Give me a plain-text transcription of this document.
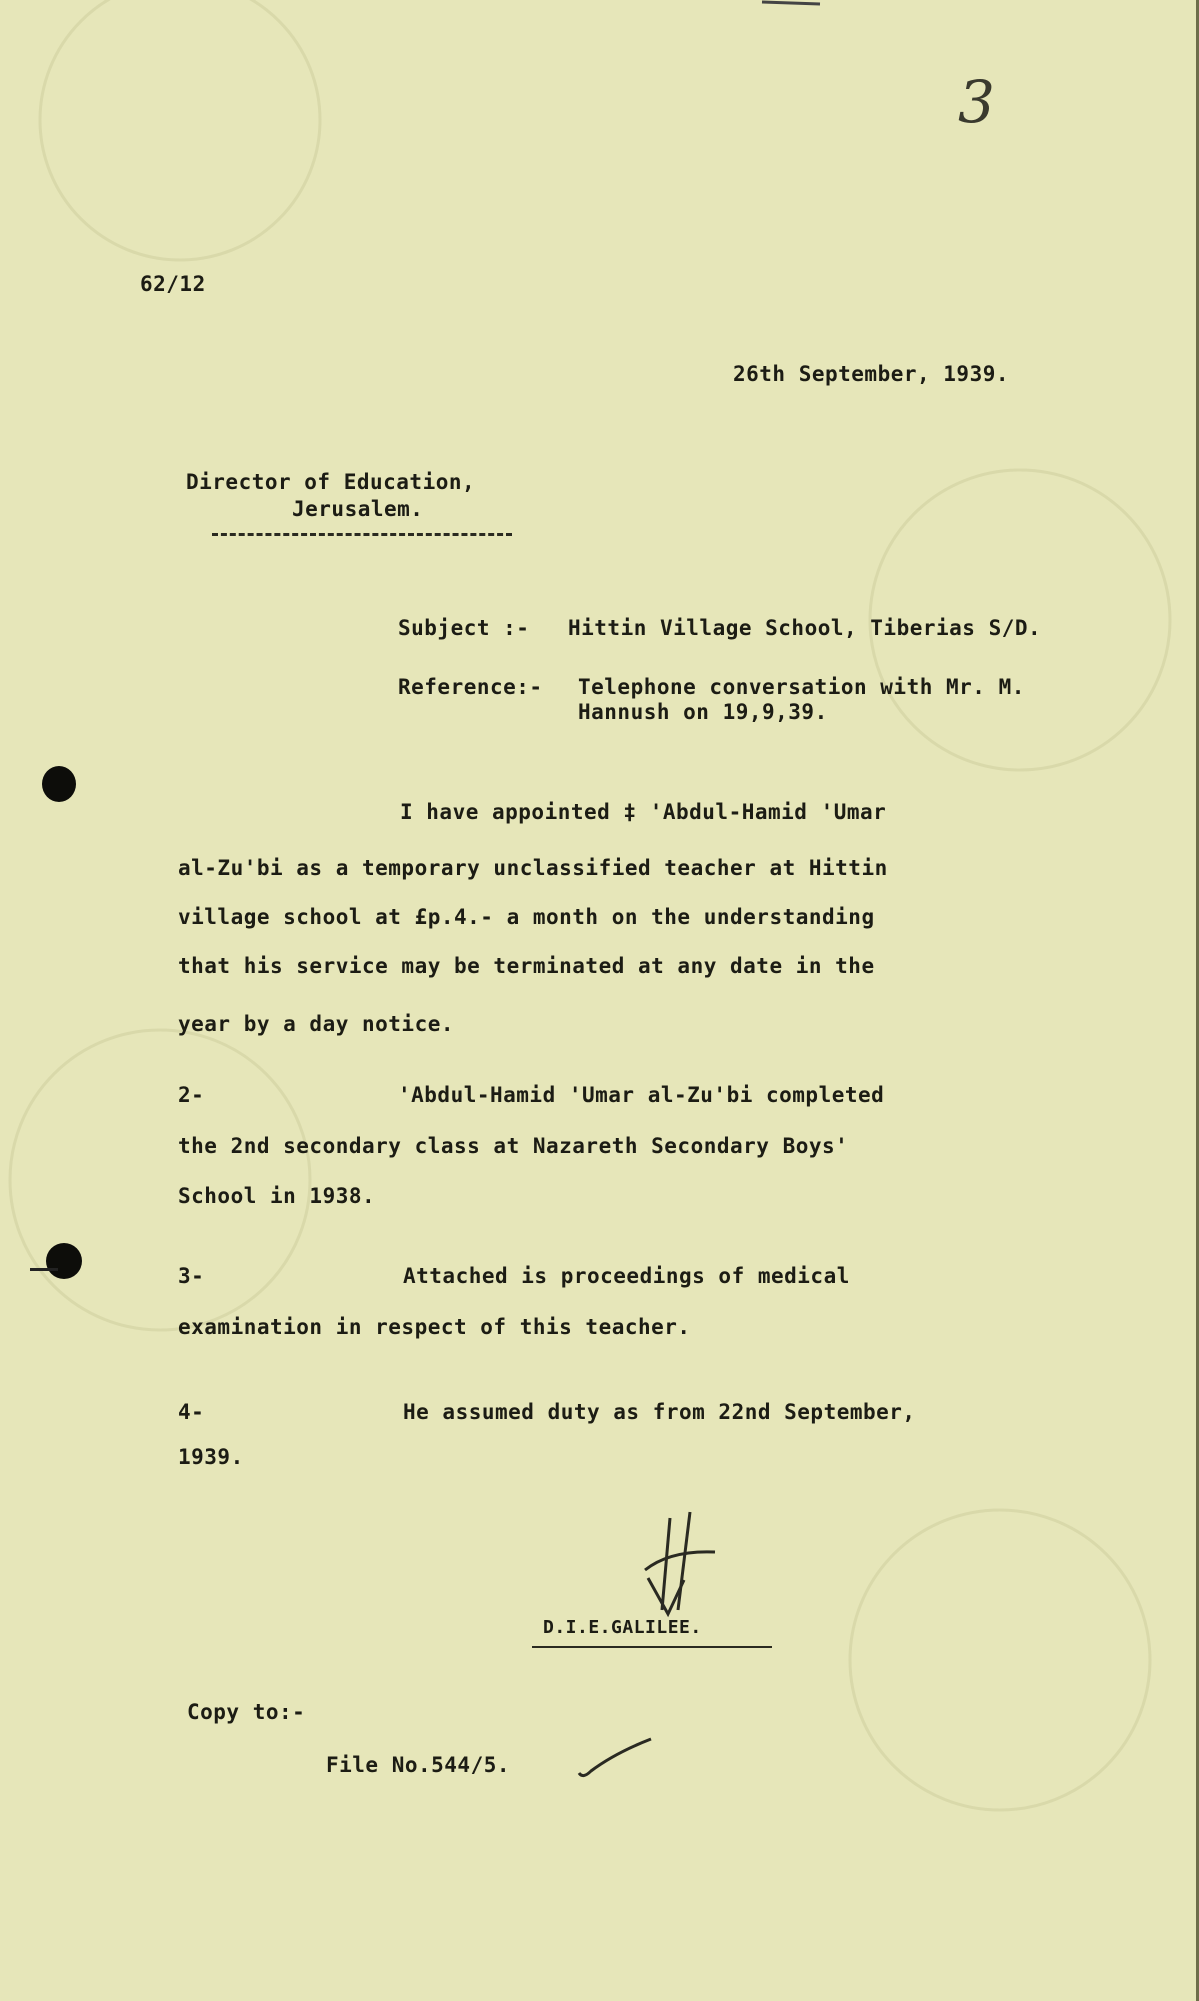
3
62/12
26th September, 1939.
Director of Education,
Jerusalem.
Subject :- Hittin Village School, Tiberias S/D.
Reference:- Telephone conversation with Mr. M.
Hannush on 19,9,39.
I have appointed ‡ 'Abdul-Hamid 'Umar
al-Zu'bi as a temporary unclassified teacher at Hittin
village school at £p.4.- a month on the understanding
that his service may be terminated at any date in the
year by a day notice.
2-	'Abdul-Hamid 'Umar al-Zu'bi completed
the 2nd secondary class at Nazareth Secondary Boys'
School in 1938.
3-	Attached is proceedings of medical
examination in respect of this teacher.
4-	He assumed duty as from 22nd September,
1939.
D.I.E.GALILEE.
Copy to:-
File No.544/5.
